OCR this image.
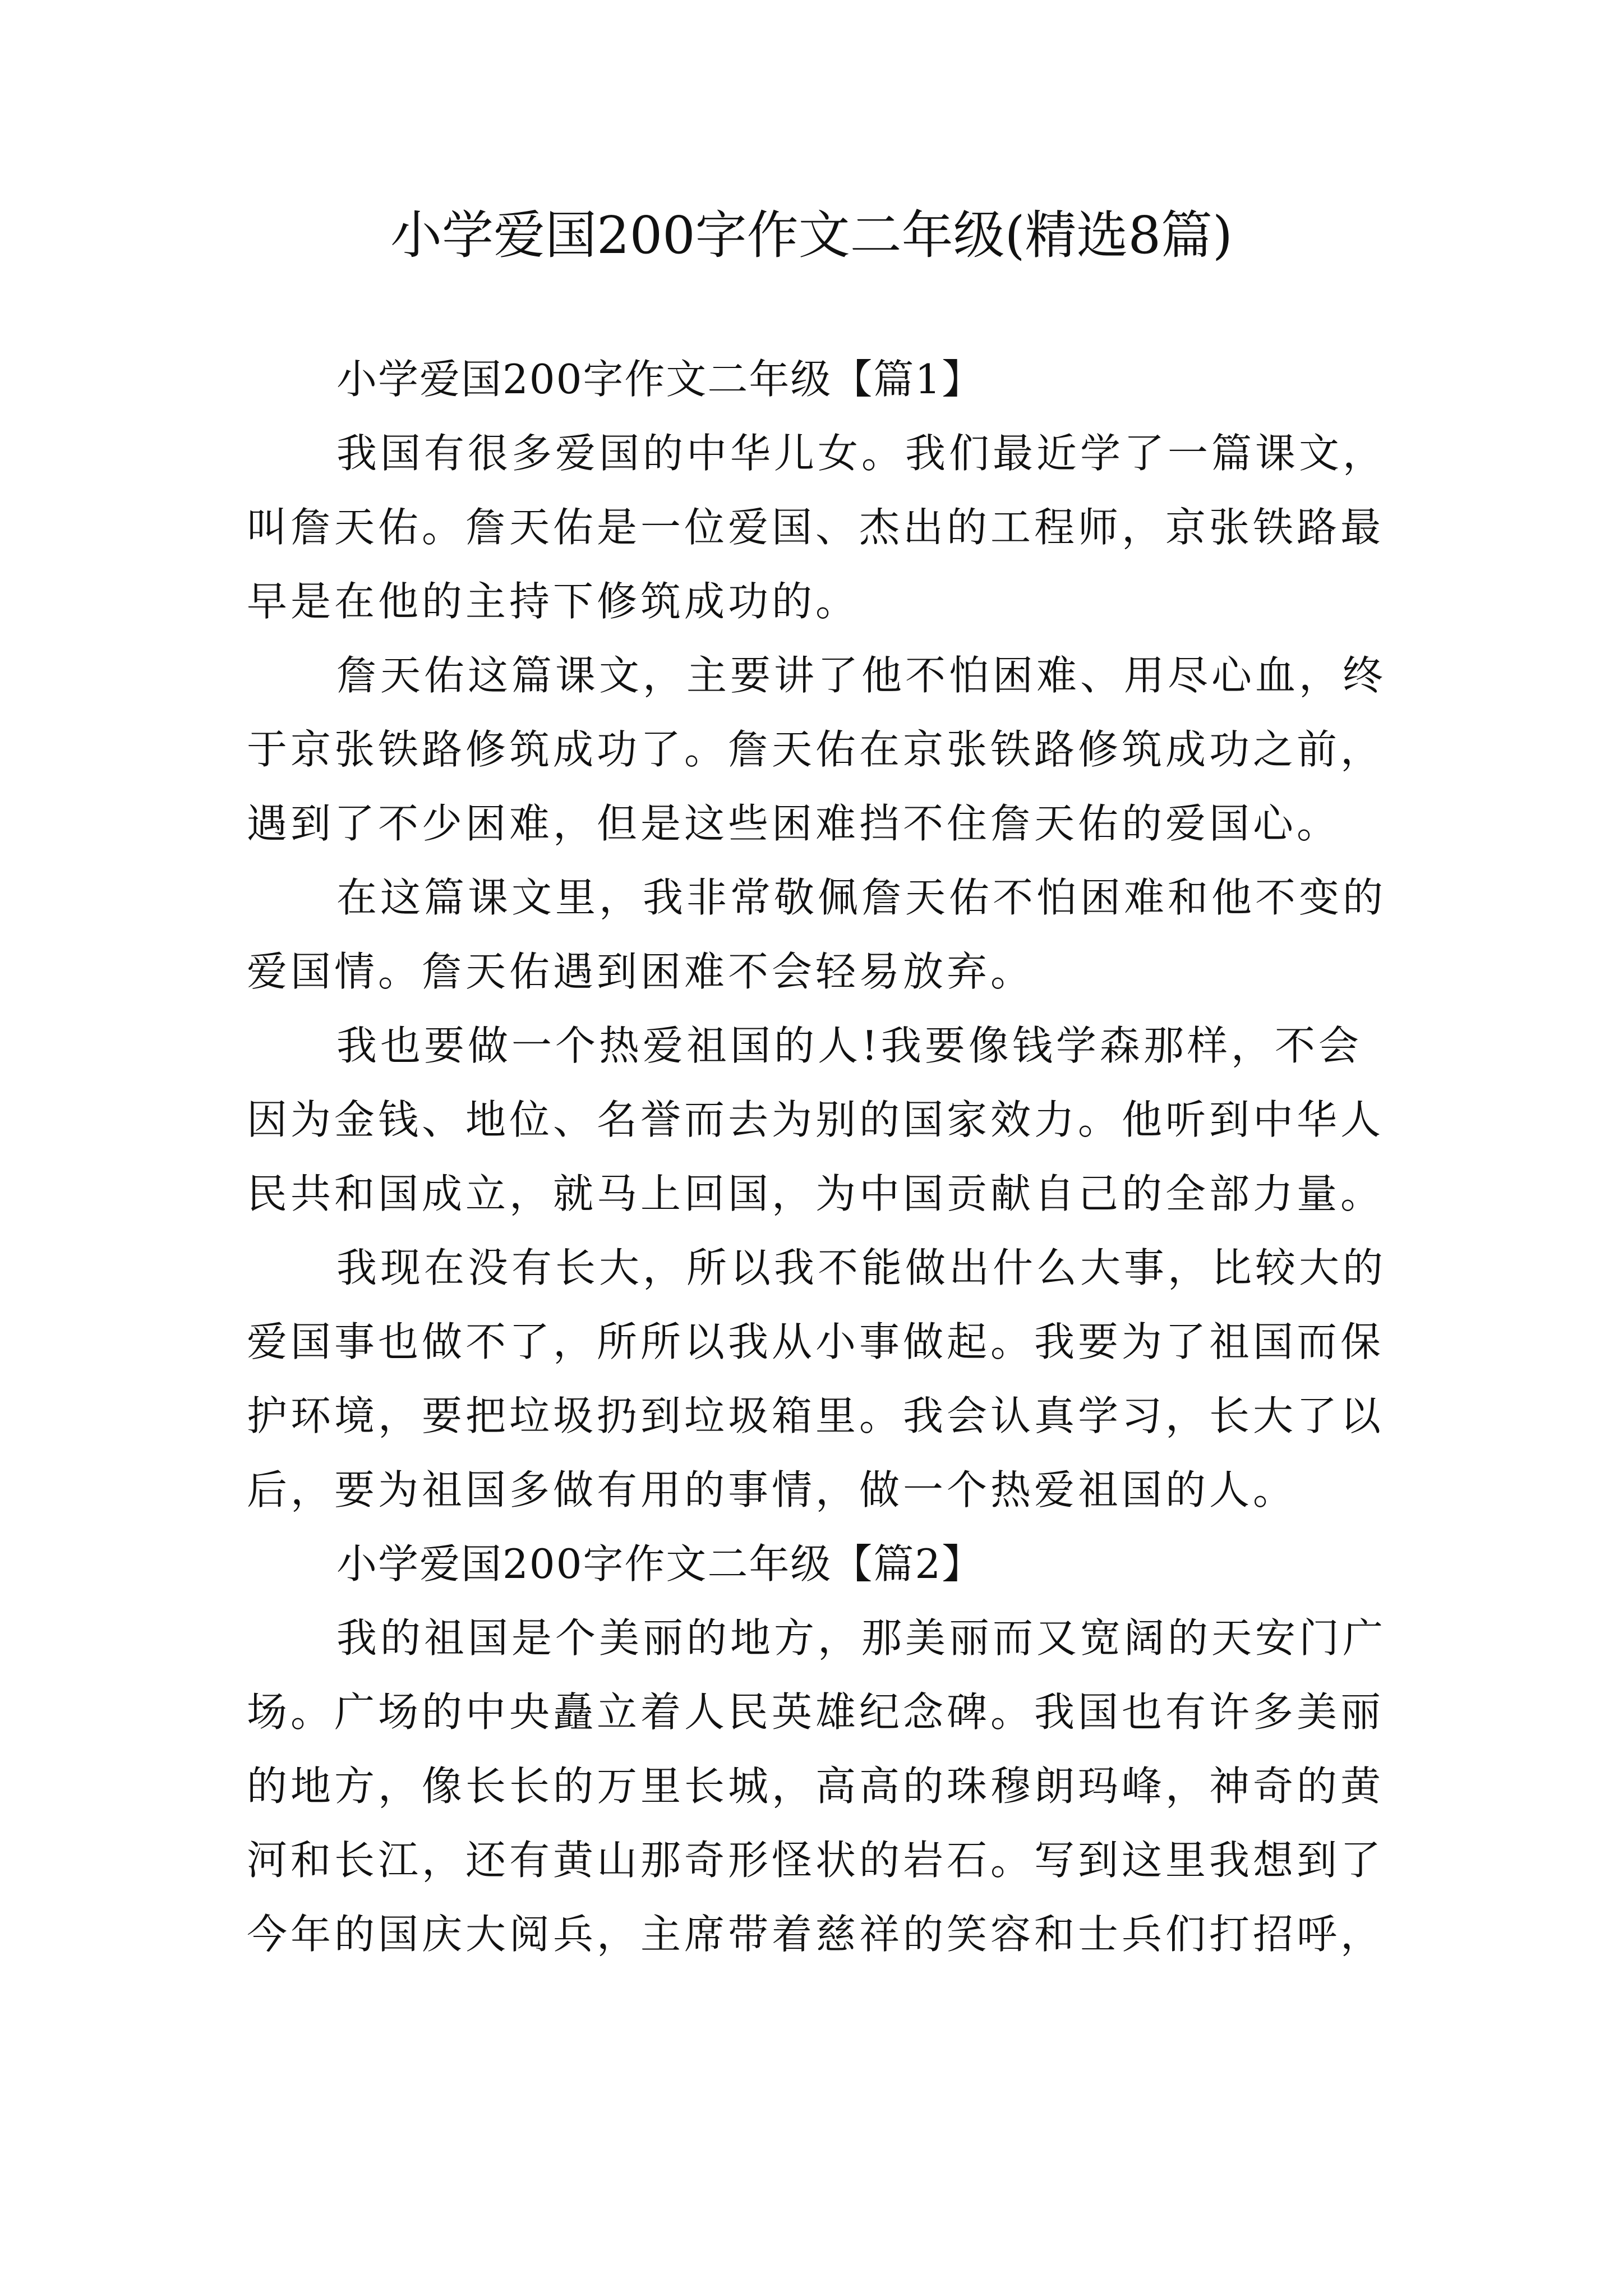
小学爱国200字作文二年级(精选8篇)
小学爱国200字作文二年级【篇1】
我国有很多爱国的中华儿女。我们最近学了一篇课文，
叫詹天佑。詹天佑是一位爱国、杰出的工程师，京张铁路最
早是在他的主持下修筑成功的。
詹天佑这篇课文，主要讲了他不怕困难、用尽心血，终
于京张铁路修筑成功了。詹天佑在京张铁路修筑成功之前，
遇到了不少困难，但是这些困难挡不住詹天佑的爱国心。
在这篇课文里，我非常敬佩詹天佑不怕困难和他不变的
爱国情。詹天佑遇到困难不会轻易放弃。
我也要做一个热爱祖国的人!我要像钱学森那样，不会
因为金钱、地位、名誉而去为别的国家效力。他听到中华人
民共和国成立，就马上回国，为中国贡献自己的全部力量。
我现在没有长大，所以我不能做出什么大事，比较大的
爱国事也做不了，所所以我从小事做起。我要为了祖国而保
护环境，要把垃圾扔到垃圾箱里。我会认真学习，长大了以
后，要为祖国多做有用的事情，做一个热爱祖国的人。
小学爱国200字作文二年级【篇2】
我的祖国是个美丽的地方，那美丽而又宽阔的天安门广
场。广场的中央矗立着人民英雄纪念碑。我国也有许多美丽
的地方，像长长的万里长城，高高的珠穆朗玛峰，神奇的黄
河和长江，还有黄山那奇形怪状的岩石。写到这里我想到了
今年的国庆大阅兵，主席带着慈祥的笑容和士兵们打招呼，
